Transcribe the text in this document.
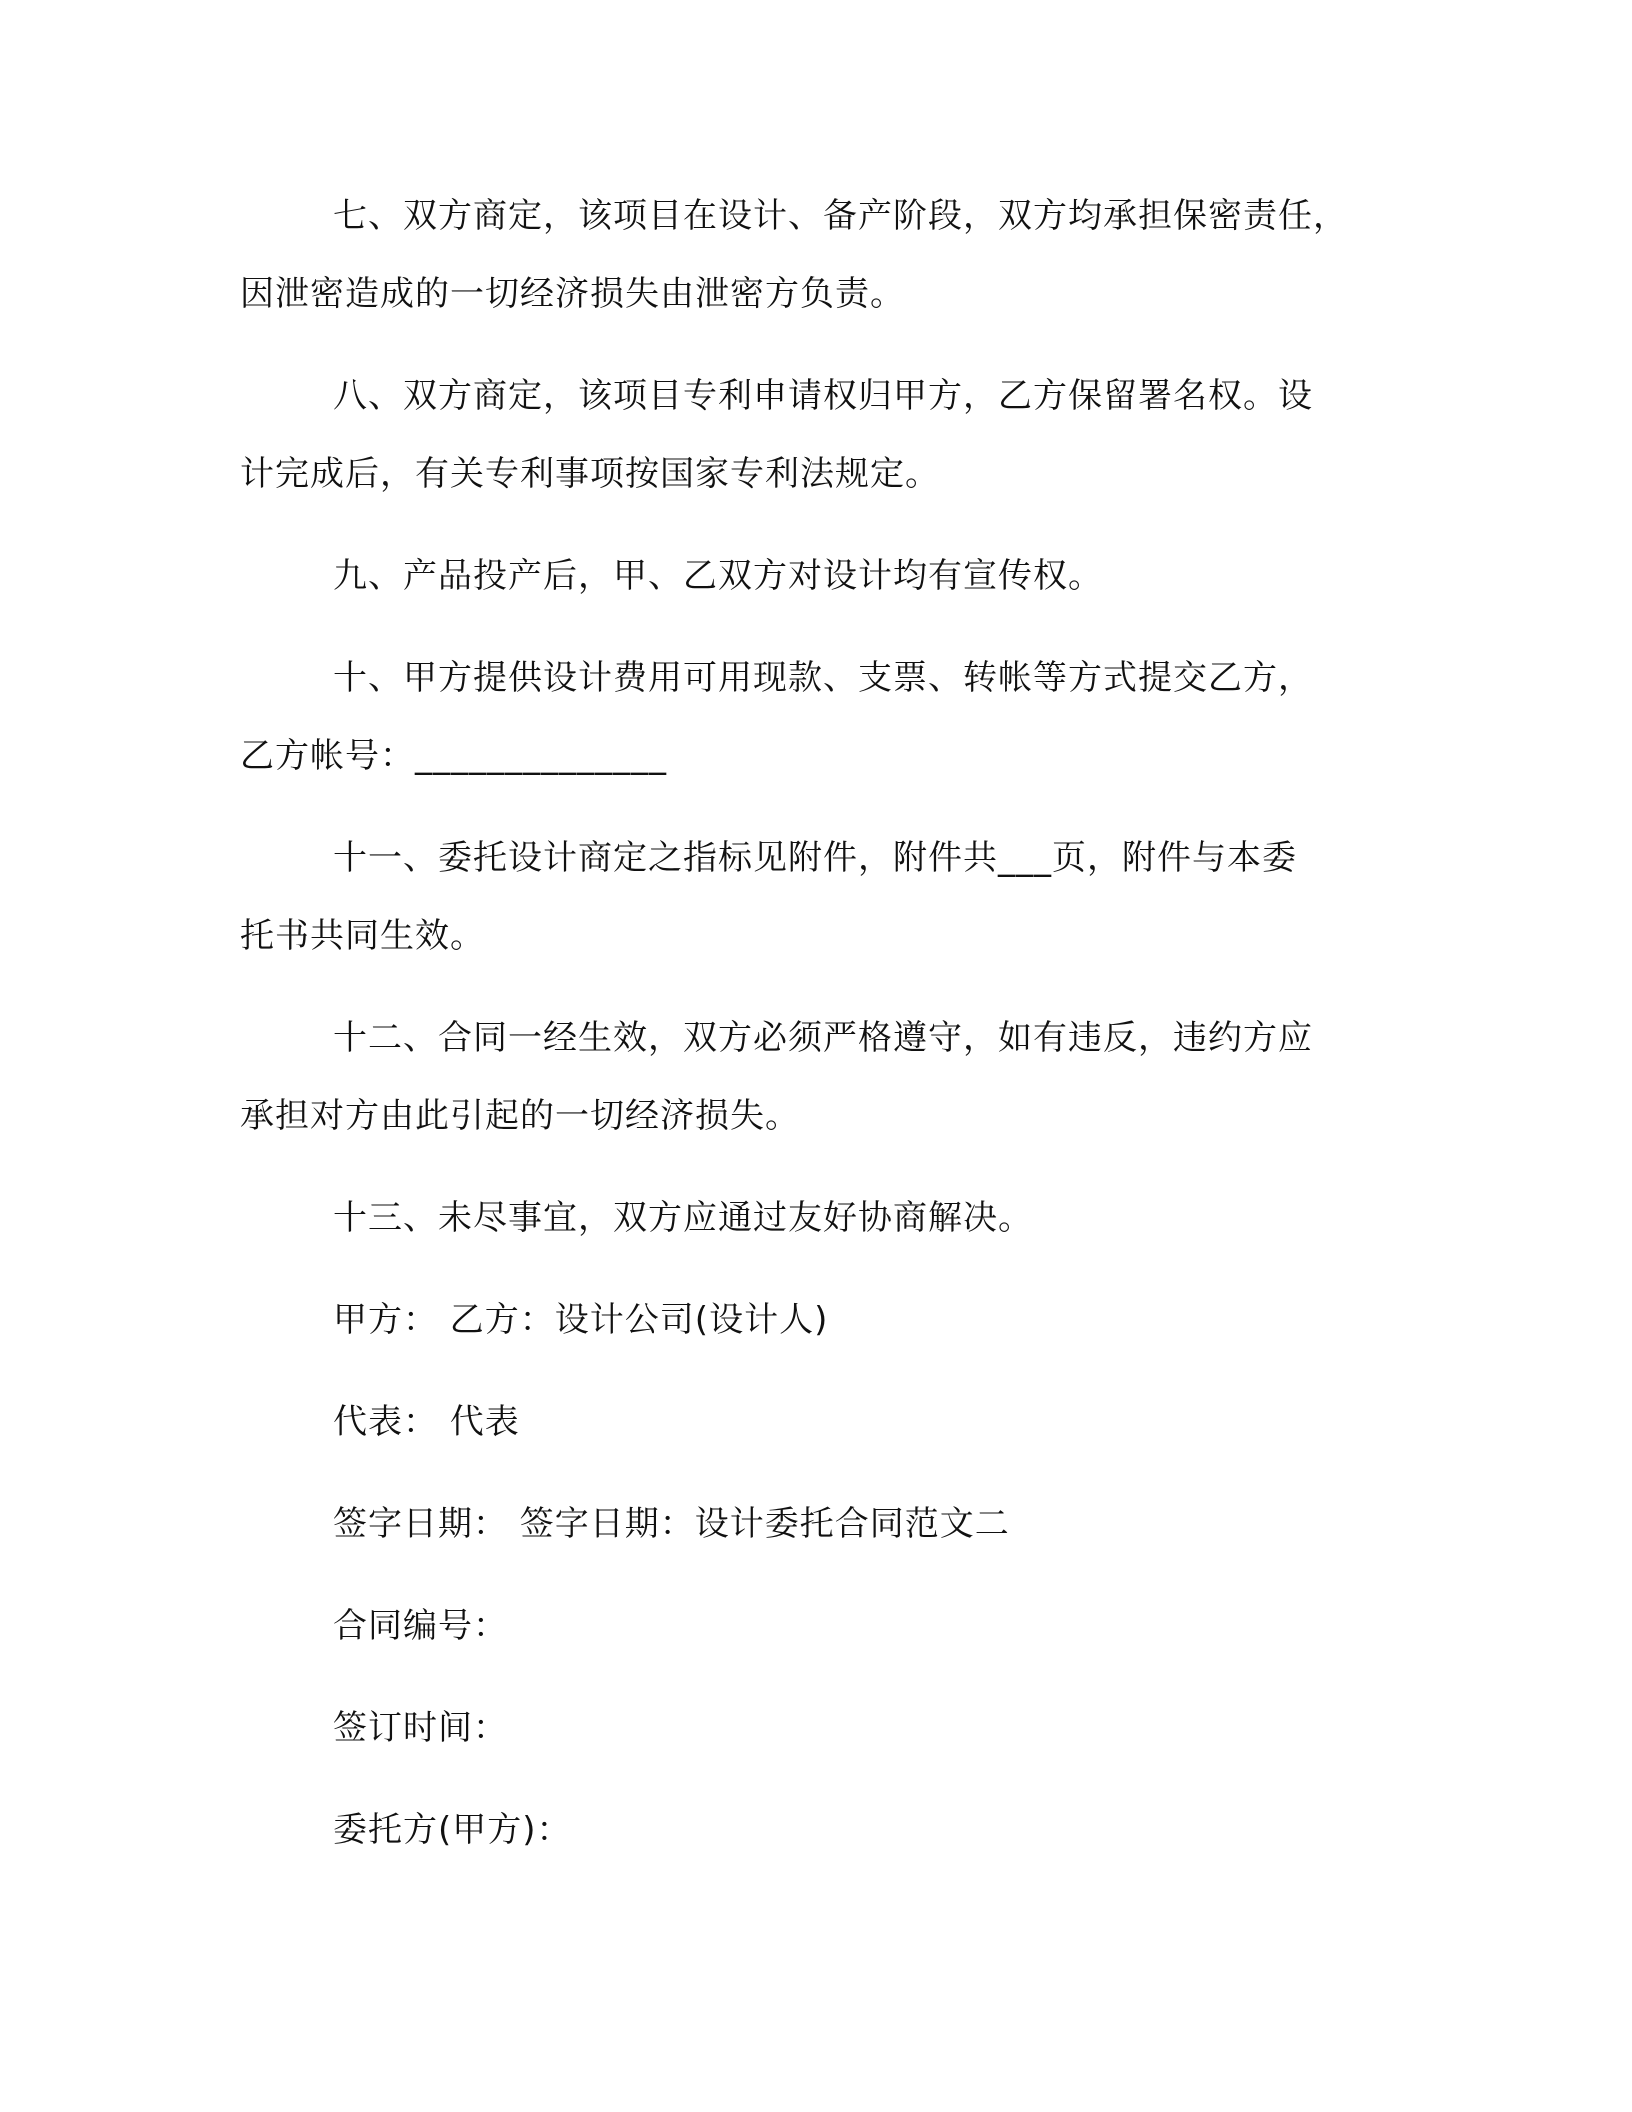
七、双方商定，该项目在设计、备产阶段，双方均承担保密责任，
因泄密造成的一切经济损失由泄密方负责。
八、双方商定，该项目专利申请权归甲方，乙方保留署名权。设
计完成后，有关专利事项按国家专利法规定。
九、产品投产后，甲、乙双方对设计均有宣传权。
十、甲方提供设计费用可用现款、支票、转帐等方式提交乙方，
乙方帐号：______________
十一、委托设计商定之指标见附件，附件共___页，附件与本委
托书共同生效。
十二、合同一经生效，双方必须严格遵守，如有违反，违约方应
承担对方由此引起的一切经济损失。
十三、未尽事宜，双方应通过友好协商解决。
甲方： 乙方：设计公司(设计人)
代表： 代表
签字日期： 签字日期：设计委托合同范文二
合同编号：
签订时间：
委托方(甲方)：
